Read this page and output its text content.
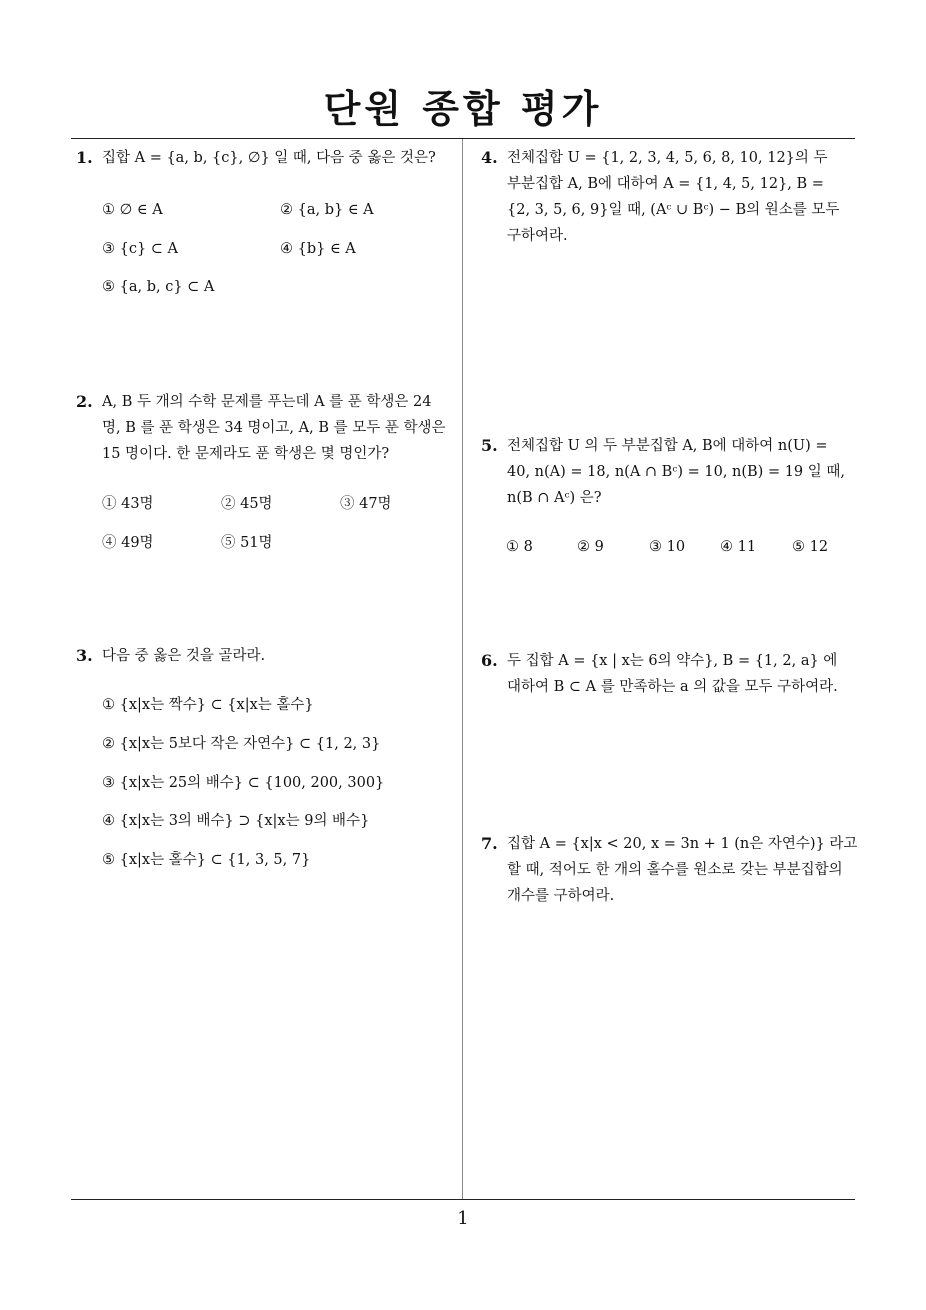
단원 종합 평가
1. 집합 A = {a, b, {c}, ∅} 일 때, 다음 중 옳은 것은?

① ∅ ∈ A	② {a, b} ∈ A
③ {c} ⊂ A	④ {b} ∈ A
⑤ {a, b, c} ⊂ A
2. A, B 두 개의 수학 문제를 푸는데 A 를 푼 학생은 24

명, B 를 푼 학생은 34 명이고, A, B 를 모두 푼 학생은

15 명이다. 한 문제라도 푼 학생은 몇 명인가?

① 43명	② 45명	③ 47명
④ 49명	⑤ 51명
3. 다음 중 옳은 것을 골라라.

① {x|x는 짝수} ⊂ {x|x는 홀수}
② {x|x는 5보다 작은 자연수} ⊂ {1, 2, 3}
③ {x|x는 25의 배수} ⊂ {100, 200, 300}
④ {x|x는 3의 배수} ⊃ {x|x는 9의 배수}
⑤ {x|x는 홀수} ⊂ {1, 3, 5, 7}
4. 전체집합 U = {1, 2, 3, 4, 5, 6, 8, 10, 12}의 두

부분집합 A, B에 대하여 A = {1, 4, 5, 12}, B =

{2, 3, 5, 6, 9}일 때, (Aᶜ ∪ Bᶜ) − B의 원소를 모두

구하여라.

5. 전체집합 U 의 두 부분집합 A, B에 대하여 n(U) =

40, n(A) = 18, n(A ∩ Bᶜ) = 10, n(B) = 19 일 때,

n(B ∩ Aᶜ) 은?

① 8	② 9	③ 10 ④ 11 ⑤ 12
6. 두 집합 A = {x | x는 6의 약수}, B = {1, 2, a} 에

대하여 B ⊂ A 를 만족하는 a 의 값을 모두 구하여라.

7. 집합 A = {x|x < 20, x = 3n + 1 (n은 자연수)} 라고

할 때, 적어도 한 개의 홀수를 원소로 갖는 부분집합의

개수를 구하여라.

1
